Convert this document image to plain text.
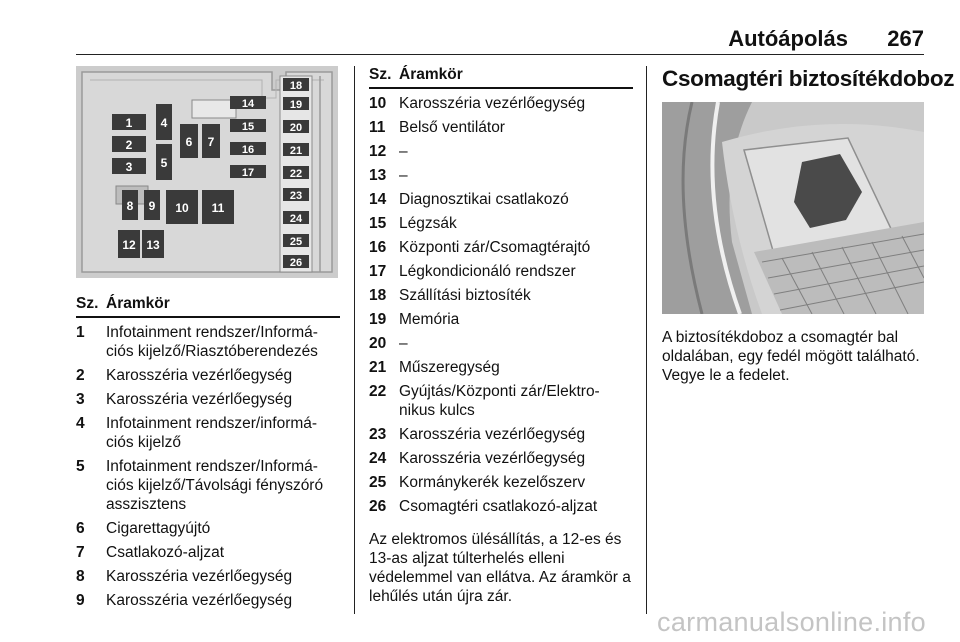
Autóápolás 267
1
2
3
4
5
6 7
8 9 10 11
12 13
14
15
16
17
18
19
20
21
22
23
24
25
26
Sz. Áramkör
1	Infotainment rendszer/Informá-ciós kijelző/Riasztóberendezés
2	Karosszéria vezérlőegység
3	Karosszéria vezérlőegység
4	Infotainment rendszer/informá-ciós kijelző
5	Infotainment rendszer/Informá-ciós kijelző/Távolsági fényszóró asszisztens
6	Cigarettagyújtó
7	Csatlakozó-aljzat
8	Karosszéria vezérlőegység
9	Karosszéria vezérlőegység
Sz. Áramkör
10 Karosszéria vezérlőegység
11 Belső ventilátor
12 –
13 –
14 Diagnosztikai csatlakozó
15 Légzsák
16 Központi zár/Csomagtérajtó
17 Légkondicionáló rendszer
18 Szállítási biztosíték
19 Memória
20 –
21 Műszeregység
22 Gyújtás/Központi zár/Elektro-nikus kulcs
23 Karosszéria vezérlőegység
24 Karosszéria vezérlőegység
25 Kormánykerék kezelőszerv
26 Csomagtéri csatlakozó-aljzat

Az elektromos ülésállítás, a 12-es és 13-as aljzat túlterhelés elleni védelemmel van ellátva. Az áramkör a lehűlés után újra zár.

Csomagtéri biztosítékdoboz

A biztosítékdoboz a csomagtér bal oldalában, egy fedél mögött található. Vegye le a fedelet.

carmanualsonline.info
